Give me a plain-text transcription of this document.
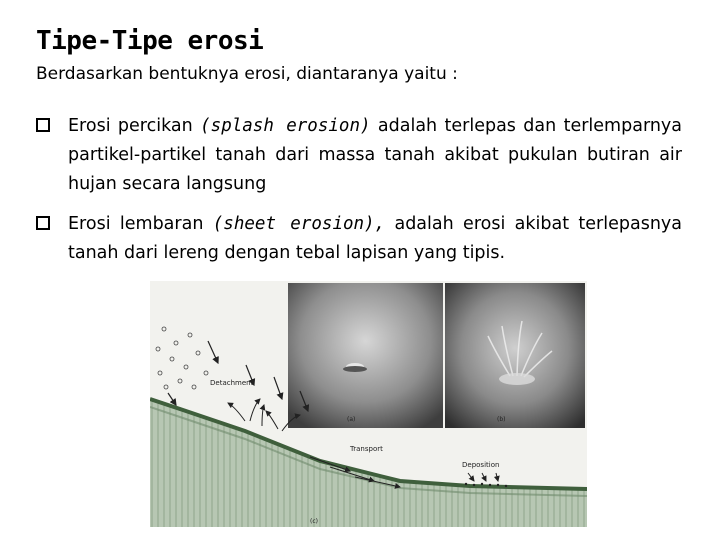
Tipe-Tipe erosi
Berdasarkan bentuknya erosi, diantaranya yaitu :
Erosi percikan (splash erosion) adalah terlepas dan terlemparnya partikel-partikel tanah dari massa tanah akibat pukulan butiran air hujan secara langsung
Erosi lembaran (sheet erosion), adalah erosi akibat terlepasnya tanah dari lereng dengan tebal lapisan yang tipis.
(a)	(b)
Detachment
Transport
Deposition
(c)
